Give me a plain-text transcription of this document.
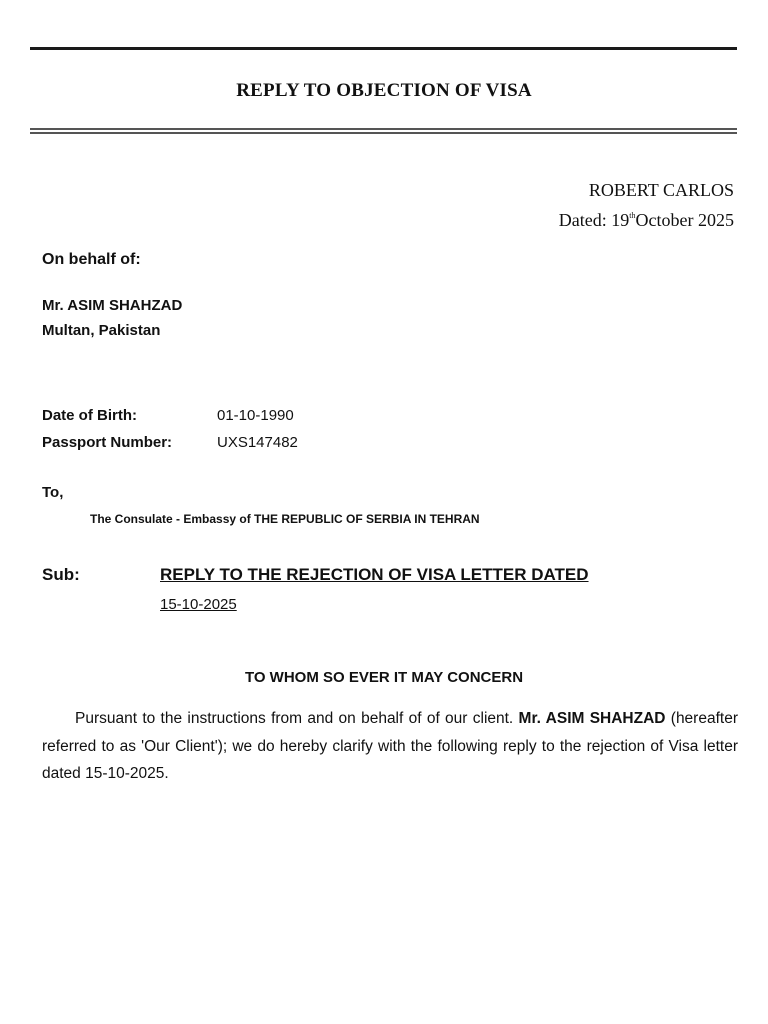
REPLY TO OBJECTION OF VISA
ROBERT CARLOS
Dated: 19thOctober 2025
On behalf of:
Mr. ASIM SHAHZAD
Multan, Pakistan
Date of Birth:	01-10-1990
Passport Number:	UXS147482
To,
The Consulate - Embassy of THE REPUBLIC OF SERBIA IN TEHRAN
Sub:	REPLY TO THE REJECTION OF VISA LETTER DATED
15-10-2025
TO WHOM SO EVER IT MAY CONCERN
Pursuant to the instructions from and on behalf of of our client. Mr. ASIM SHAHZAD (hereafter referred to as 'Our Client'); we do hereby clarify with the following reply to the rejection of Visa letter dated 15-10-2025.
